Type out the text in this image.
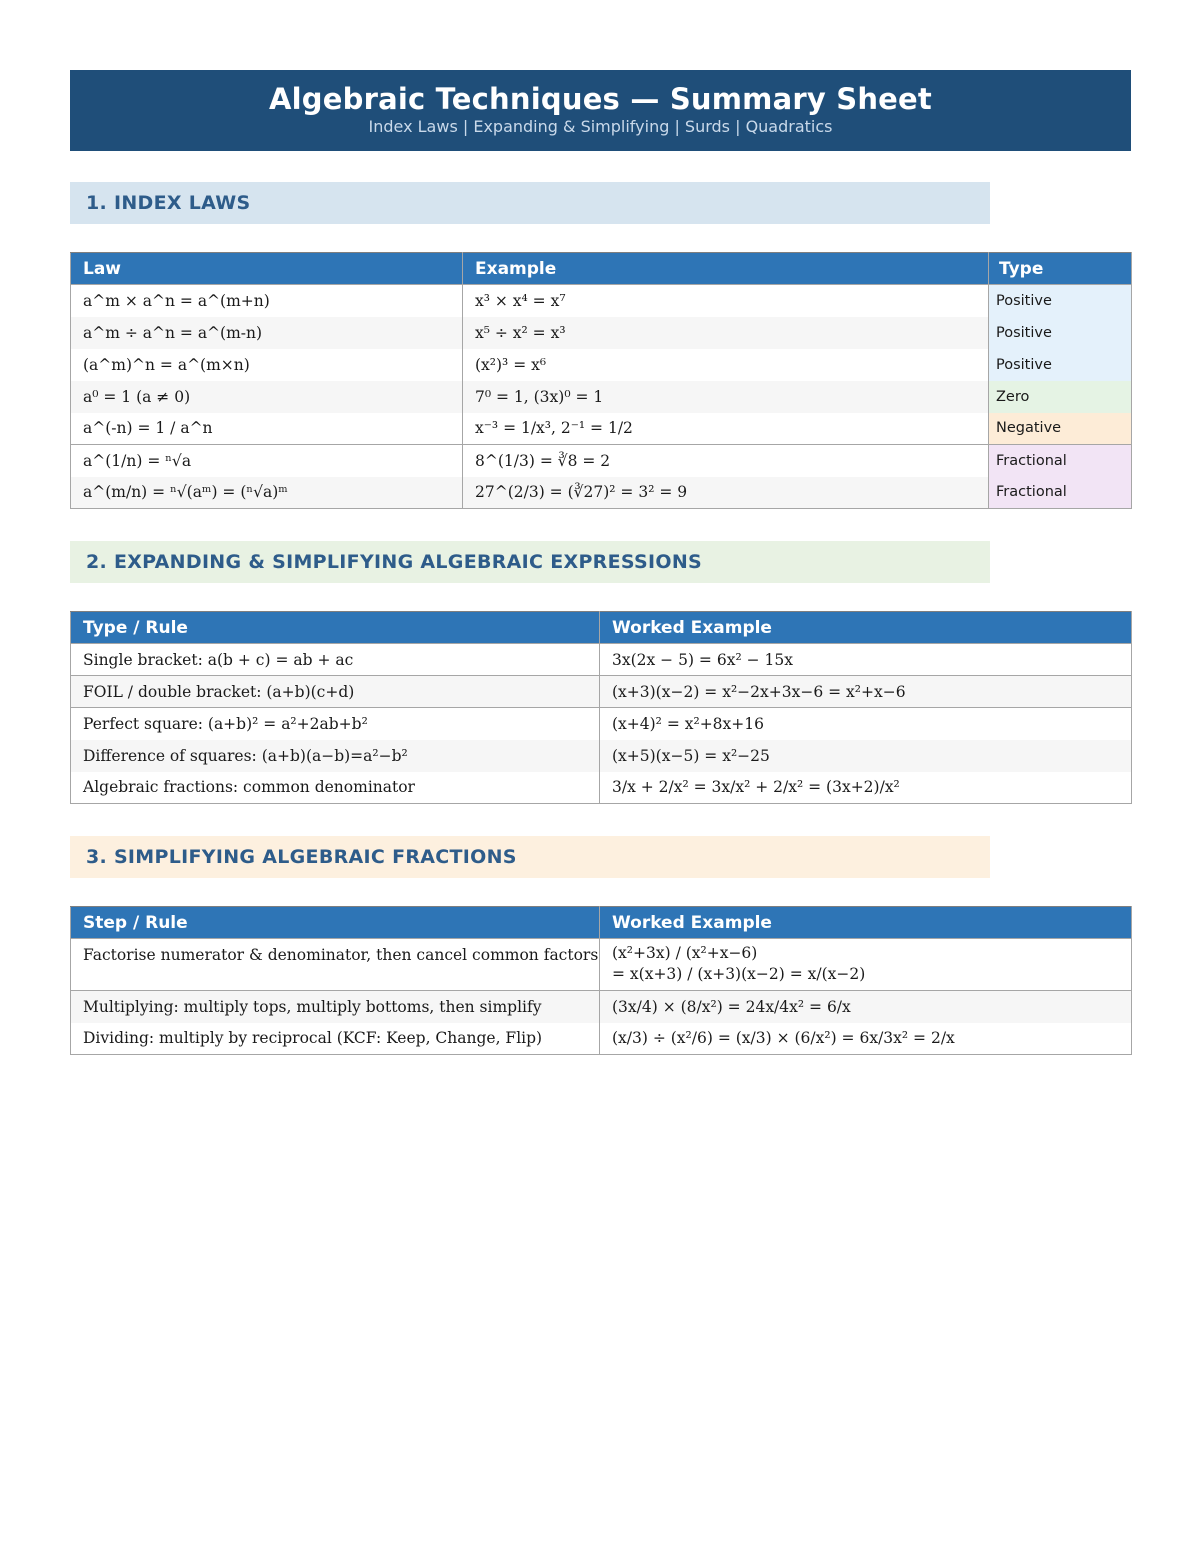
Algebraic Techniques — Summary Sheet
Index Laws | Expanding & Simplifying | Surds | Quadratics
1. INDEX LAWS
Law	Example	Type
a^m × a^n = a^(m+n)	x³ × x⁴ = x⁷	Positive
a^m ÷ a^n = a^(m-n)	x⁵ ÷ x² = x³	Positive
(a^m)^n = a^(m×n)	(x²)³ = x⁶	Positive
a⁰ = 1 (a ≠ 0)	7⁰ = 1, (3x)⁰ = 1	Zero
a^(-n) = 1 / a^n	x⁻³ = 1/x³, 2⁻¹ = 1/2	Negative
a^(1/n) = ⁿ√a	8^(1/3) = ∛8 = 2	Fractional
a^(m/n) = ⁿ√(aᵐ) = (ⁿ√a)ᵐ	27^(2/3) = (∛27)² = 3² = 9	Fractional
2. EXPANDING & SIMPLIFYING ALGEBRAIC EXPRESSIONS
Type / Rule	Worked Example
Single bracket: a(b + c) = ab + ac	3x(2x − 5) = 6x² − 15x
FOIL / double bracket: (a+b)(c+d)	(x+3)(x−2) = x²−2x+3x−6 = x²+x−6
Perfect square: (a+b)² = a²+2ab+b²	(x+4)² = x²+8x+16
Difference of squares: (a+b)(a−b)=a²−b²	(x+5)(x−5) = x²−25
Algebraic fractions: common denominator	3/x + 2/x² = 3x/x² + 2/x² = (3x+2)/x²
3. SIMPLIFYING ALGEBRAIC FRACTIONS
Step / Rule	Worked Example
Factorise numerator & denominator, then cancel common factors	(x²+3x) / (x²+x−6)
= x(x+3) / (x+3)(x−2) = x/(x−2)

Multiplying: multiply tops, multiply bottoms, then simplify	(3x/4) × (8/x²) = 24x/4x² = 6/x
Dividing: multiply by reciprocal (KCF: Keep, Change, Flip)	(x/3) ÷ (x²/6) = (x/3) × (6/x²) = 6x/3x² = 2/x
